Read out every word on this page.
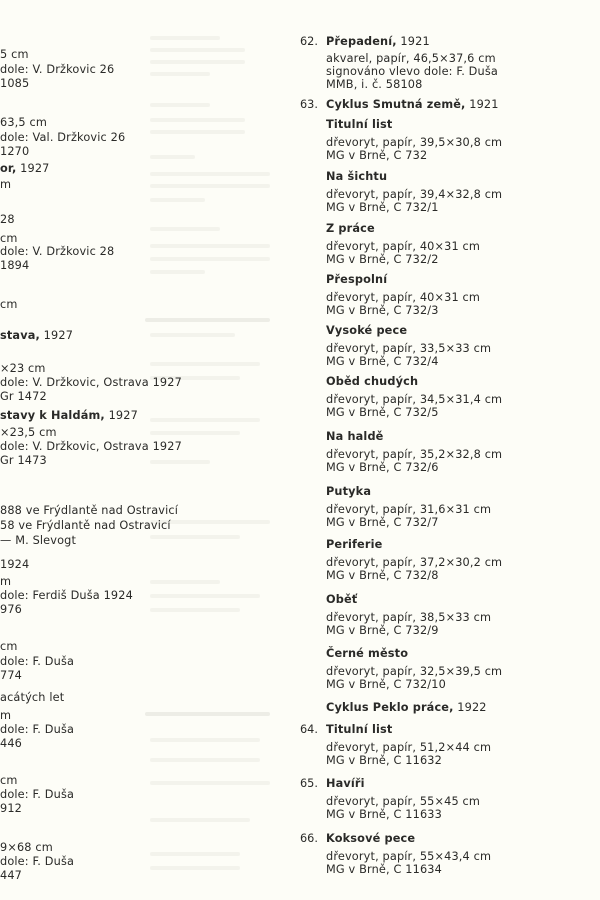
5 cm
dole: V. Držkovic 26
1085
63,5 cm
dole: Val. Držkovic 26
1270
or, 1927
m
28
cm
dole: V. Držkovic 28
1894
cm
stava, 1927
×23 cm
dole: V. Držkovic, Ostrava 1927
Gr 1472
stavy k Haldám, 1927
×23,5 cm
dole: V. Držkovic, Ostrava 1927
Gr 1473
888 ve Frýdlantě nad Ostravicí
58 ve Frýdlantě nad Ostravicí
— M. Slevogt
1924
m
dole: Ferdiš Duša 1924
976
cm
dole: F. Duša
774
acátých let
m
dole: F. Duša
446
cm
dole: F. Duša
912
9×68 cm
dole: F. Duša
447
62. Přepadení, 1921
akvarel, papír, 46,5×37,6 cm
signováno vlevo dole: F. Duša
MMB, i. č. 58108
63. Cyklus Smutná země, 1921
Titulní list
dřevoryt, papír, 39,5×30,8 cm
MG v Brně, C 732
Na šichtu
dřevoryt, papír, 39,4×32,8 cm
MG v Brně, C 732/1
Z práce
dřevoryt, papír, 40×31 cm
MG v Brně, C 732/2
Přespolní
dřevoryt, papír, 40×31 cm
MG v Brně, C 732/3
Vysoké pece
dřevoryt, papír, 33,5×33 cm
MG v Brně, C 732/4
Oběd chudých
dřevoryt, papír, 34,5×31,4 cm
MG v Brně, C 732/5
Na haldě
dřevoryt, papír, 35,2×32,8 cm
MG v Brně, C 732/6
Putyka
dřevoryt, papír, 31,6×31 cm
MG v Brně, C 732/7
Periferie
dřevoryt, papír, 37,2×30,2 cm
MG v Brně, C 732/8
Oběť
dřevoryt, papír, 38,5×33 cm
MG v Brně, C 732/9
Černé město
dřevoryt, papír, 32,5×39,5 cm
MG v Brně, C 732/10
Cyklus Peklo práce, 1922
64. Titulní list
dřevoryt, papír, 51,2×44 cm
MG v Brně, C 11632
65. Havíři
dřevoryt, papír, 55×45 cm
MG v Brně, C 11633
66. Koksové pece
dřevoryt, papír, 55×43,4 cm
MG v Brně, C 11634
